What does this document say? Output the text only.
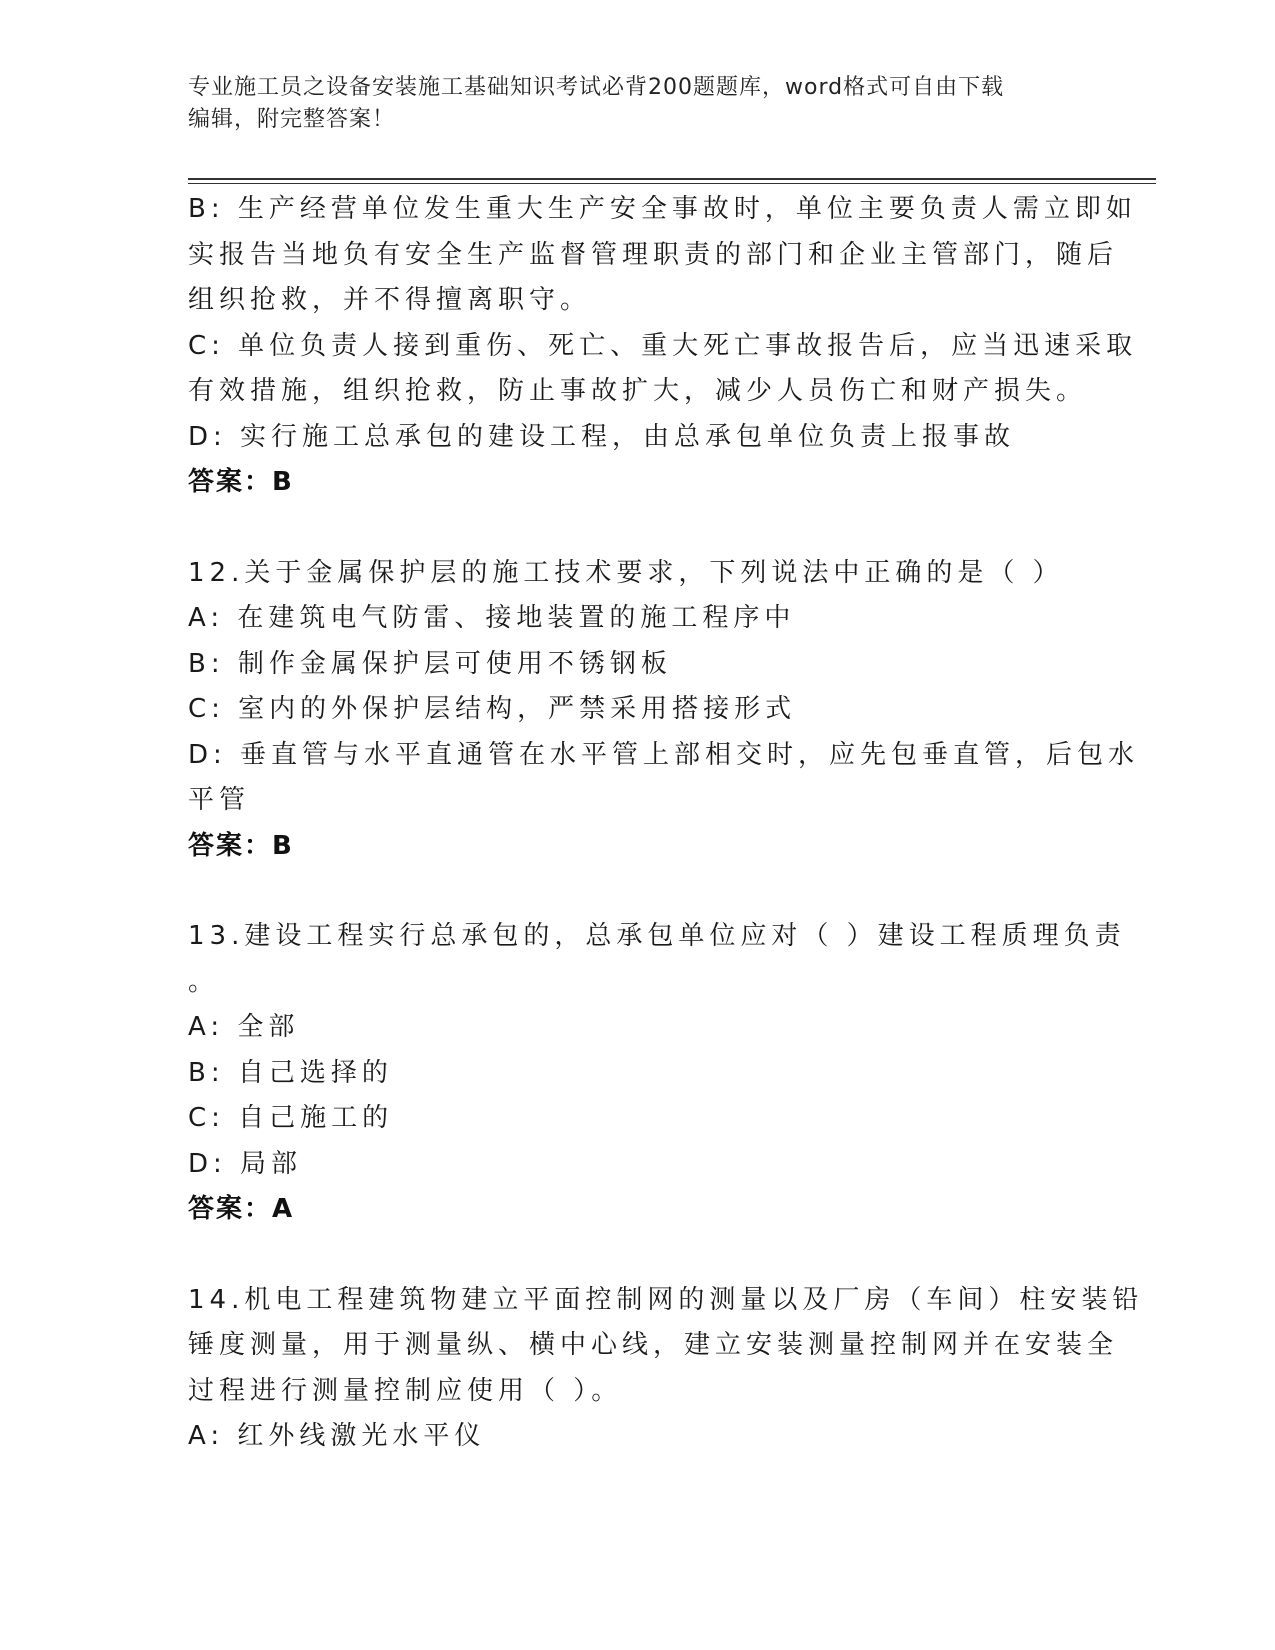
专业施工员之设备安装施工基础知识考试必背200题题库，word格式可自由下载
编辑，附完整答案！
B: 生产经营单位发生重大生产安全事故时，单位主要负责人需立即如
实报告当地负有安全生产监督管理职责的部门和企业主管部门，随后
组织抢救，并不得擅离职守。
C: 单位负责人接到重伤、死亡、重大死亡事故报告后，应当迅速采取
有效措施，组织抢救，防止事故扩大，减少人员伤亡和财产损失。
D: 实行施工总承包的建设工程，由总承包单位负责上报事故
答案：B
12.关于金属保护层的施工技术要求，下列说法中正确的是（ ）
A: 在建筑电气防雷、接地装置的施工程序中
B: 制作金属保护层可使用不锈钢板
C: 室内的外保护层结构，严禁采用搭接形式
D: 垂直管与水平直通管在水平管上部相交时，应先包垂直管，后包水
平管
答案：B
13.建设工程实行总承包的，总承包单位应对（ ）建设工程质理负责
。
A: 全部
B: 自己选择的
C: 自己施工的
D: 局部
答案：A
14.机电工程建筑物建立平面控制网的测量以及厂房（车间）柱安装铅
锤度测量，用于测量纵、横中心线，建立安装测量控制网并在安装全
过程进行测量控制应使用（ ）。
A: 红外线激光水平仪
